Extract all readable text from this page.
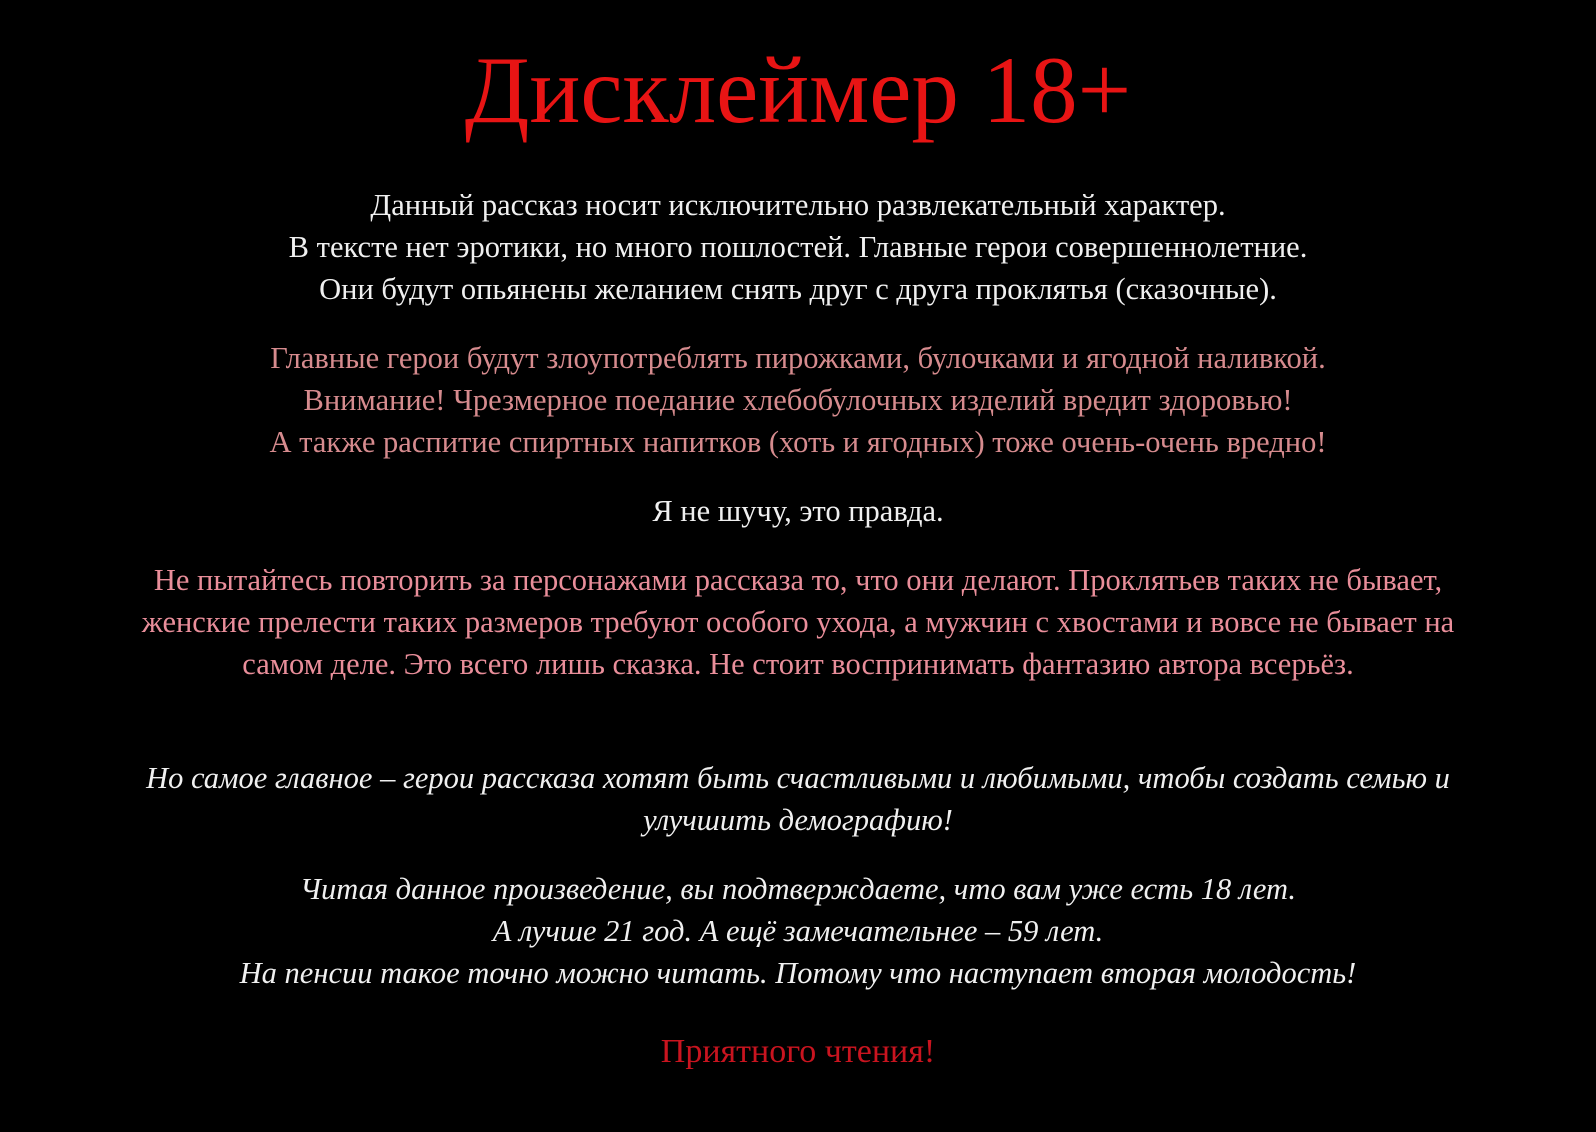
Дисклеймер 18+
Данный рассказ носит исключительно развлекательный характер.
В тексте нет эротики, но много пошлостей. Главные герои совершеннолетние.
Они будут опьянены желанием снять друг с друга проклятья (сказочные).
Главные герои будут злоупотреблять пирожками, булочками и ягодной наливкой.
Внимание! Чрезмерное поедание хлебобулочных изделий вредит здоровью!
А также распитие спиртных напитков (хоть и ягодных) тоже очень-очень вредно!
Я не шучу, это правда.
Не пытайтесь повторить за персонажами рассказа то, что они делают. Проклятьев таких не бывает,
женские прелести таких размеров требуют особого ухода, а мужчин с хвостами и вовсе не бывает на
самом деле. Это всего лишь сказка. Не стоит воспринимать фантазию автора всерьёз.
Но самое главное – герои рассказа хотят быть счастливыми и любимыми, чтобы создать семью и
улучшить демографию!
Читая данное произведение, вы подтверждаете, что вам уже есть 18 лет.
А лучше 21 год. А ещё замечательнее – 59 лет.
На пенсии такое точно можно читать. Потому что наступает вторая молодость!
Приятного чтения!
